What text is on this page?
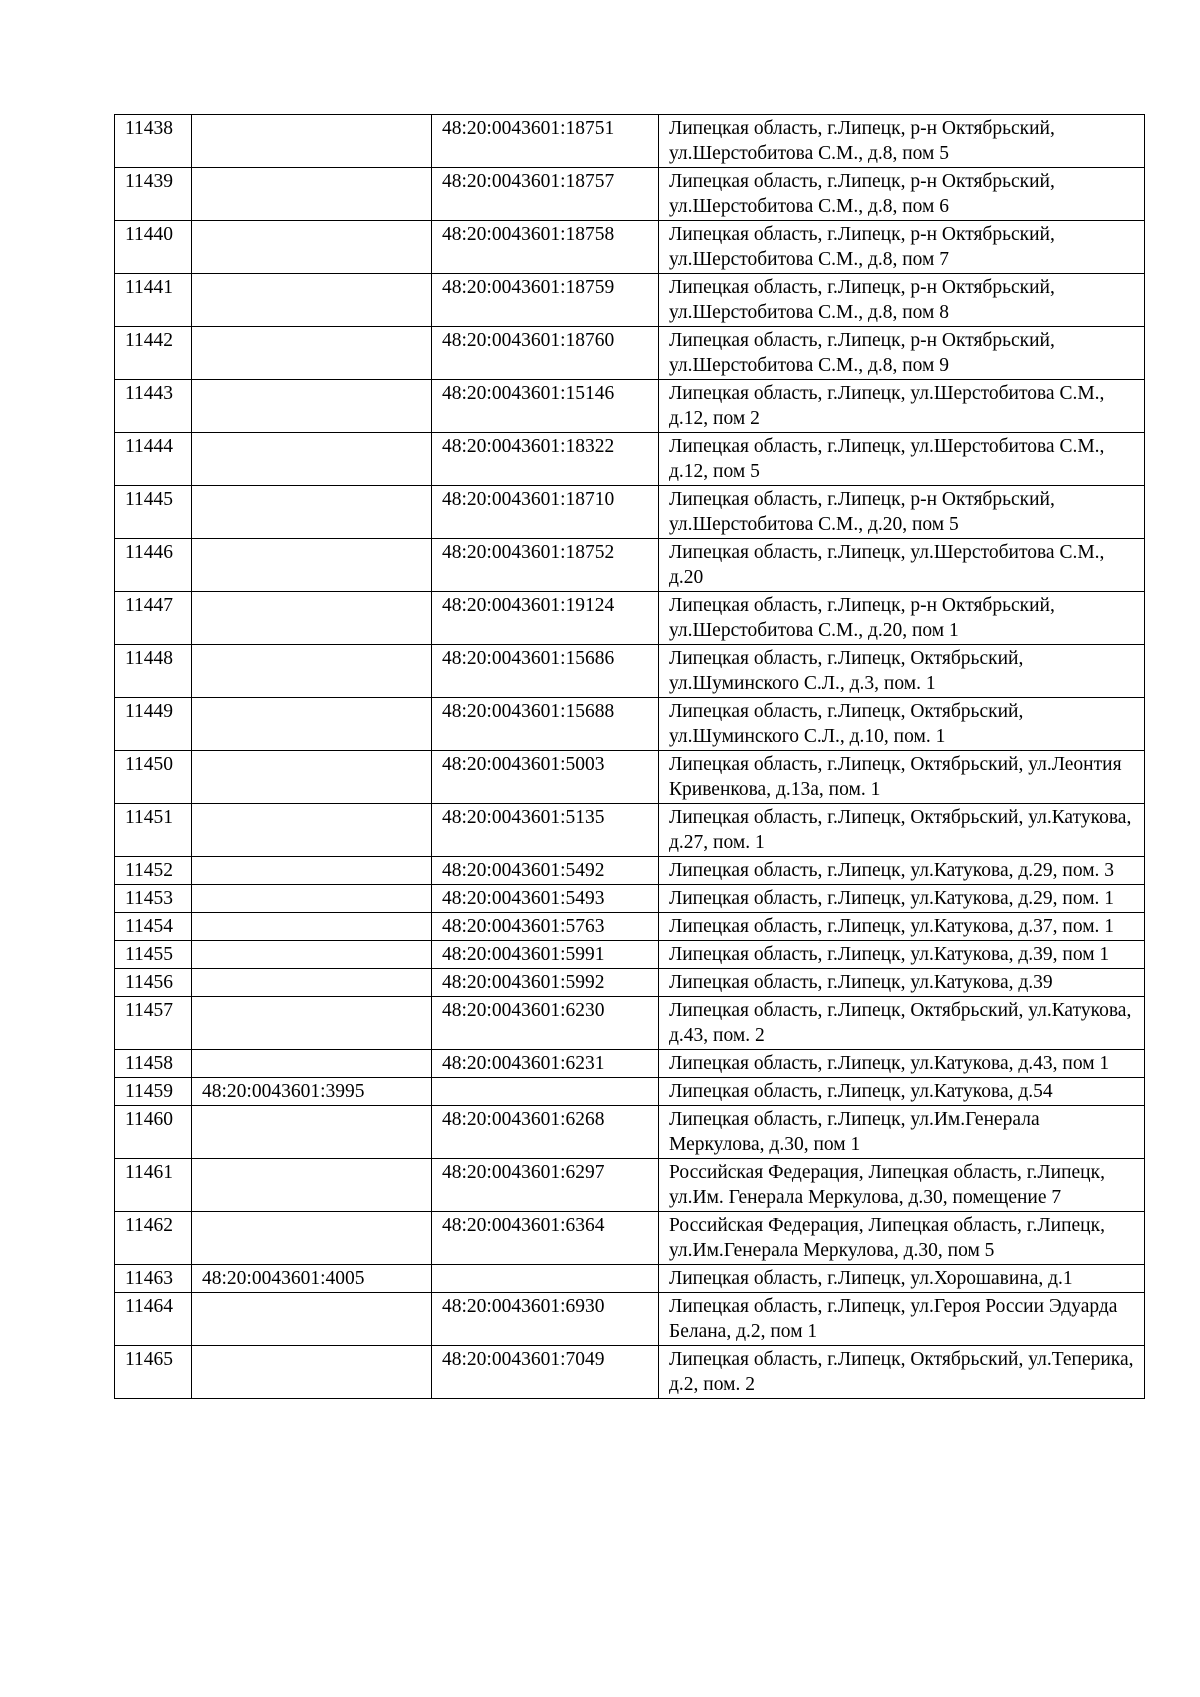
11438		48:20:0043601:18751	Липецкая область, г.Липецк, р-н Октябрьский, ул.Шерстобитова С.М., д.8, пом 5
11439		48:20:0043601:18757	Липецкая область, г.Липецк, р-н Октябрьский, ул.Шерстобитова С.М., д.8, пом 6
11440		48:20:0043601:18758	Липецкая область, г.Липецк, р-н Октябрьский, ул.Шерстобитова С.М., д.8, пом 7
11441		48:20:0043601:18759	Липецкая область, г.Липецк, р-н Октябрьский, ул.Шерстобитова С.М., д.8, пом 8
11442		48:20:0043601:18760	Липецкая область, г.Липецк, р-н Октябрьский, ул.Шерстобитова С.М., д.8, пом 9
11443		48:20:0043601:15146	Липецкая область, г.Липецк, ул.Шерстобитова С.М., д.12, пом 2
11444		48:20:0043601:18322	Липецкая область, г.Липецк, ул.Шерстобитова С.М., д.12, пом 5
11445		48:20:0043601:18710	Липецкая область, г.Липецк, р-н Октябрьский, ул.Шерстобитова С.М., д.20, пом 5
11446		48:20:0043601:18752	Липецкая область, г.Липецк, ул.Шерстобитова С.М., д.20
11447		48:20:0043601:19124	Липецкая область, г.Липецк, р-н Октябрьский, ул.Шерстобитова С.М., д.20, пом 1
11448		48:20:0043601:15686	Липецкая область, г.Липецк, Октябрьский, ул.Шуминского С.Л., д.3, пом. 1
11449		48:20:0043601:15688	Липецкая область, г.Липецк, Октябрьский, ул.Шуминского С.Л., д.10, пом. 1
11450		48:20:0043601:5003	Липецкая область, г.Липецк, Октябрьский, ул.Леонтия Кривенкова, д.13а, пом. 1
11451		48:20:0043601:5135	Липецкая область, г.Липецк, Октябрьский, ул.Катукова, д.27, пом. 1
11452		48:20:0043601:5492	Липецкая область, г.Липецк, ул.Катукова, д.29, пом. 3
11453		48:20:0043601:5493	Липецкая область, г.Липецк, ул.Катукова, д.29, пом. 1
11454		48:20:0043601:5763	Липецкая область, г.Липецк, ул.Катукова, д.37, пом. 1
11455		48:20:0043601:5991	Липецкая область, г.Липецк, ул.Катукова, д.39, пом 1
11456		48:20:0043601:5992	Липецкая область, г.Липецк, ул.Катукова, д.39
11457		48:20:0043601:6230	Липецкая область, г.Липецк, Октябрьский, ул.Катукова, д.43, пом. 2
11458		48:20:0043601:6231	Липецкая область, г.Липецк, ул.Катукова, д.43, пом 1
11459	48:20:0043601:3995		Липецкая область, г.Липецк, ул.Катукова, д.54
11460		48:20:0043601:6268	Липецкая область, г.Липецк, ул.Им.Генерала Меркулова, д.30, пом 1
11461		48:20:0043601:6297	Российская Федерация, Липецкая область, г.Липецк, ул.Им. Генерала Меркулова, д.30, помещение 7
11462		48:20:0043601:6364	Российская Федерация, Липецкая область, г.Липецк, ул.Им.Генерала Меркулова, д.30, пом 5
11463	48:20:0043601:4005		Липецкая область, г.Липецк, ул.Хорошавина, д.1
11464		48:20:0043601:6930	Липецкая область, г.Липецк, ул.Героя России Эдуарда Белана, д.2, пом 1
11465		48:20:0043601:7049	Липецкая область, г.Липецк, Октябрьский, ул.Теперика, д.2, пом. 2
